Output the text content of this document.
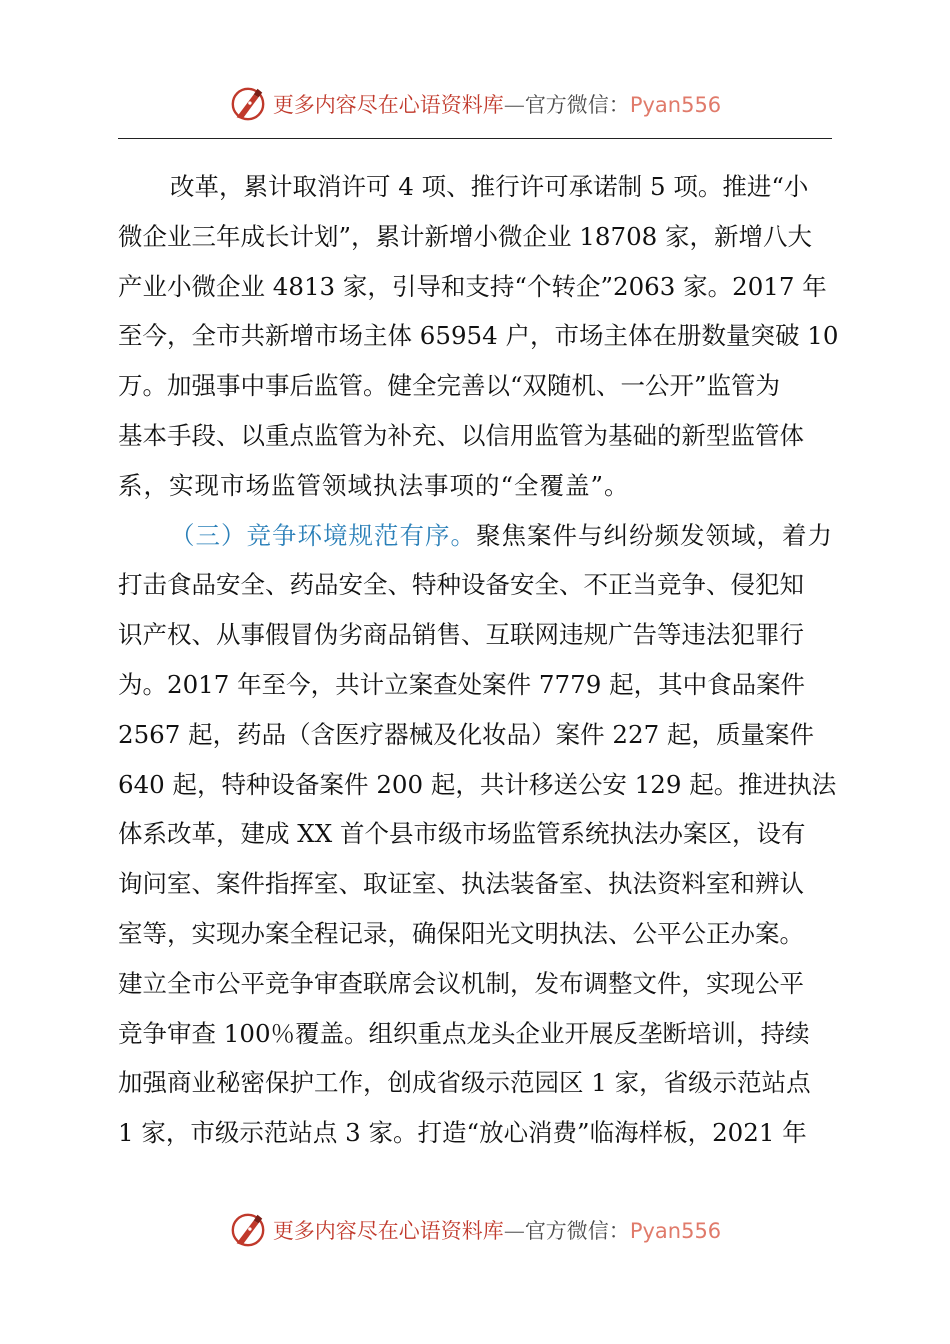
更多内容尽在心语资料库—官方微信：Pyan556
改革，累计取消许可 4 项、推行许可承诺制 5 项。推进“小
微企业三年成长计划”，累计新增小微企业 18708 家，新增八大
产业小微企业 4813 家，引导和支持“个转企”2063 家。2017 年
至今，全市共新增市场主体 65954 户，市场主体在册数量突破 10
万。加强事中事后监管。健全完善以“双随机、一公开”监管为
基本手段、以重点监管为补充、以信用监管为基础的新型监管体
系，实现市场监管领域执法事项的“全覆盖”。
（三）竞争环境规范有序。 聚焦案件与纠纷频发领域，着力
打击食品安全、药品安全、特种设备安全、不正当竞争、侵犯知
识产权、从事假冒伪劣商品销售、互联网违规广告等违法犯罪行
为。2017 年至今，共计立案查处案件 7779 起，其中食品案件
2567 起，药品（含医疗器械及化妆品）案件 227 起，质量案件
640 起，特种设备案件 200 起，共计移送公安 129 起。推进执法
体系改革，建成 XX 首个县市级市场监管系统执法办案区，设有
询问室、案件指挥室、取证室、执法装备室、执法资料室和辨认
室等，实现办案全程记录，确保阳光文明执法、公平公正办案。
建立全市公平竞争审查联席会议机制，发布调整文件，实现公平
竞争审查 100％覆盖。组织重点龙头企业开展反垄断培训，持续
加强商业秘密保护工作，创成省级示范园区 1 家，省级示范站点
1 家，市级示范站点 3 家。打造“放心消费”临海样板，2021 年
更多内容尽在心语资料库—官方微信：Pyan556
